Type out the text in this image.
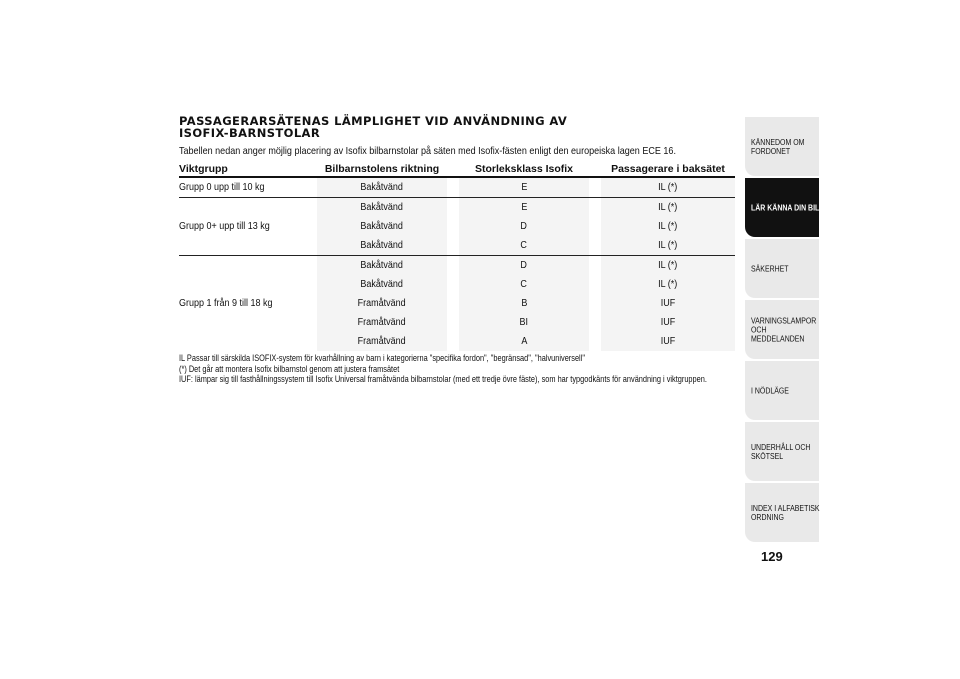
PASSAGERARSÄTENAS LÄMPLIGHET VID ANVÄNDNING AV
ISOFIX-BARNSTOLAR
Tabellen nedan anger möjlig placering av Isofix bilbarnstolar på säten med Isofix-fästen enligt den europeiska lagen ECE 16.
Viktgrupp	Bilbarnstolens riktning		Storleksklass Isofix		Passagerare i baksätet
Grupp 0 upp till 10 kg	Bakåtvänd		E		IL (*)
Grupp 0+ upp till 13 kg	Bakåtvänd		E		IL (*)
	Bakåtvänd		D		IL (*)
	Bakåtvänd		C		IL (*)
Grupp 1 från 9 till 18 kg	Bakåtvänd		D		IL (*)
	Bakåtvänd		C		IL (*)
	Framåtvänd		B		IUF
	Framåtvänd		BI		IUF
	Framåtvänd		A		IUF
IL Passar till särskilda ISOFIX-system för kvarhållning av barn i kategorierna "specifika fordon", "begränsad", "halvuniversell"
(*) Det går att montera Isofix bilbarnstol genom att justera framsätet
IUF: lämpar sig till fasthållningssystem till Isofix Universal framåtvända bilbarnstolar (med ett tredje övre fäste), som har typgodkänts för användning i viktgruppen.
KÄNNEDOM OM FORDONET
LÄR KÄNNA DIN BIL
SÄKERHET
VARNINGSLAMPOR OCH MEDDELANDEN
I NÖDLÄGE
UNDERHÅLL OCH SKÖTSEL
INDEX I ALFABETISK ORDNING
129
